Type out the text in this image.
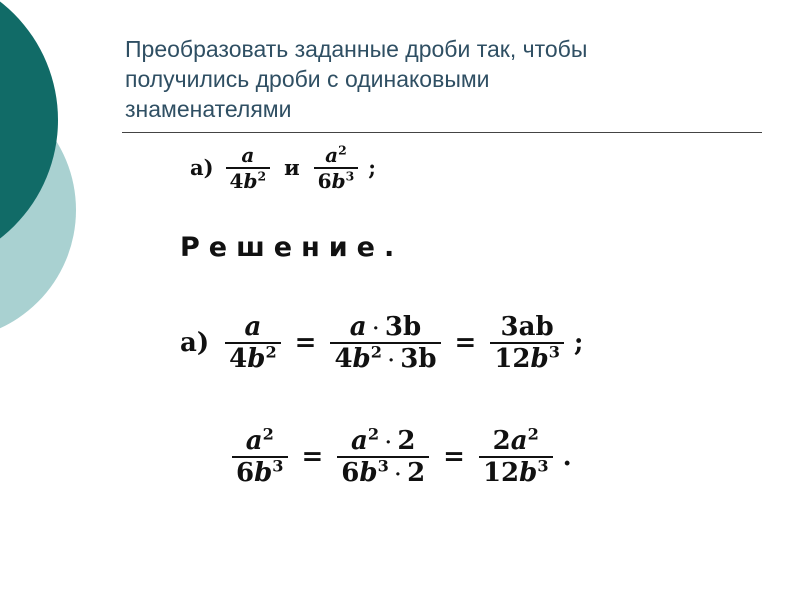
Преобразовать заданные дроби так, чтобы
получились дроби с одинаковыми
знаменателями
$а) \frac{a}{4b^2}$ и $\frac{a^2}{6b^3}$ ;
Решение.
$а) \frac{a}{4b^2} = \frac{a \cdot 3b}{4b^2 \cdot 3b} = \frac{3ab}{12b^3}$ ;
$\frac{a^2}{6b^3} = \frac{a^2 \cdot 2}{6b^3 \cdot 2} = \frac{2a^2}{12b^3}$ .
